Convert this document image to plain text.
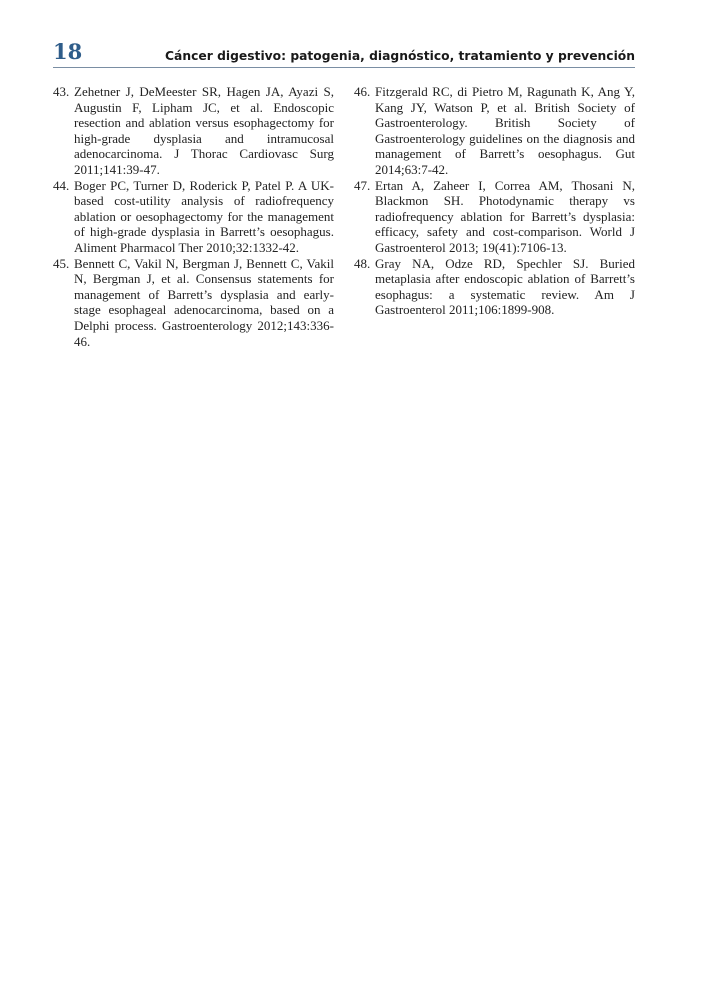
18	Cáncer digestivo: patogenia, diagnóstico, tratamiento y prevención
43. Zehetner J, DeMeester SR, Hagen JA, Ayazi S, Augustin F, Lipham JC, et al. Endoscopic resection and ablation versus esophagectomy for high-grade dysplasia and intramucosal adenocarcinoma. J Thorac Cardiovasc Surg 2011;141:39-47.
44. Boger PC, Turner D, Roderick P, Patel P. A UK-based cost-utility analysis of radiofrequency ablation or oesophagectomy for the management of high-grade dysplasia in Barrett’s oesophagus. Aliment Pharmacol Ther 2010;32:1332-42.
45. Bennett C, Vakil N, Bergman J, Bennett C, Vakil N, Bergman J, et al. Consensus statements for management of Barrett’s dysplasia and early-stage esophageal adenocarcinoma, based on a Delphi process. Gastroenterology 2012;143:336-46.
46. Fitzgerald RC, di Pietro M, Ragunath K, Ang Y, Kang JY, Watson P, et al. British Society of Gastroenterology. British Society of Gastroenterology guidelines on the diagnosis and management of Barrett’s oesophagus. Gut 2014;63:7-42.
47. Ertan A, Zaheer I, Correa AM, Thosani N, Blackmon SH. Photodynamic therapy vs radiofrequency ablation for Barrett’s dysplasia: efficacy, safety and cost-comparison. World J Gastroenterol 2013; 19(41):7106-13.
48. Gray NA, Odze RD, Spechler SJ. Buried metaplasia after endoscopic ablation of Barrett’s esophagus: a systematic review. Am J Gastroenterol 2011;106:1899-908.
